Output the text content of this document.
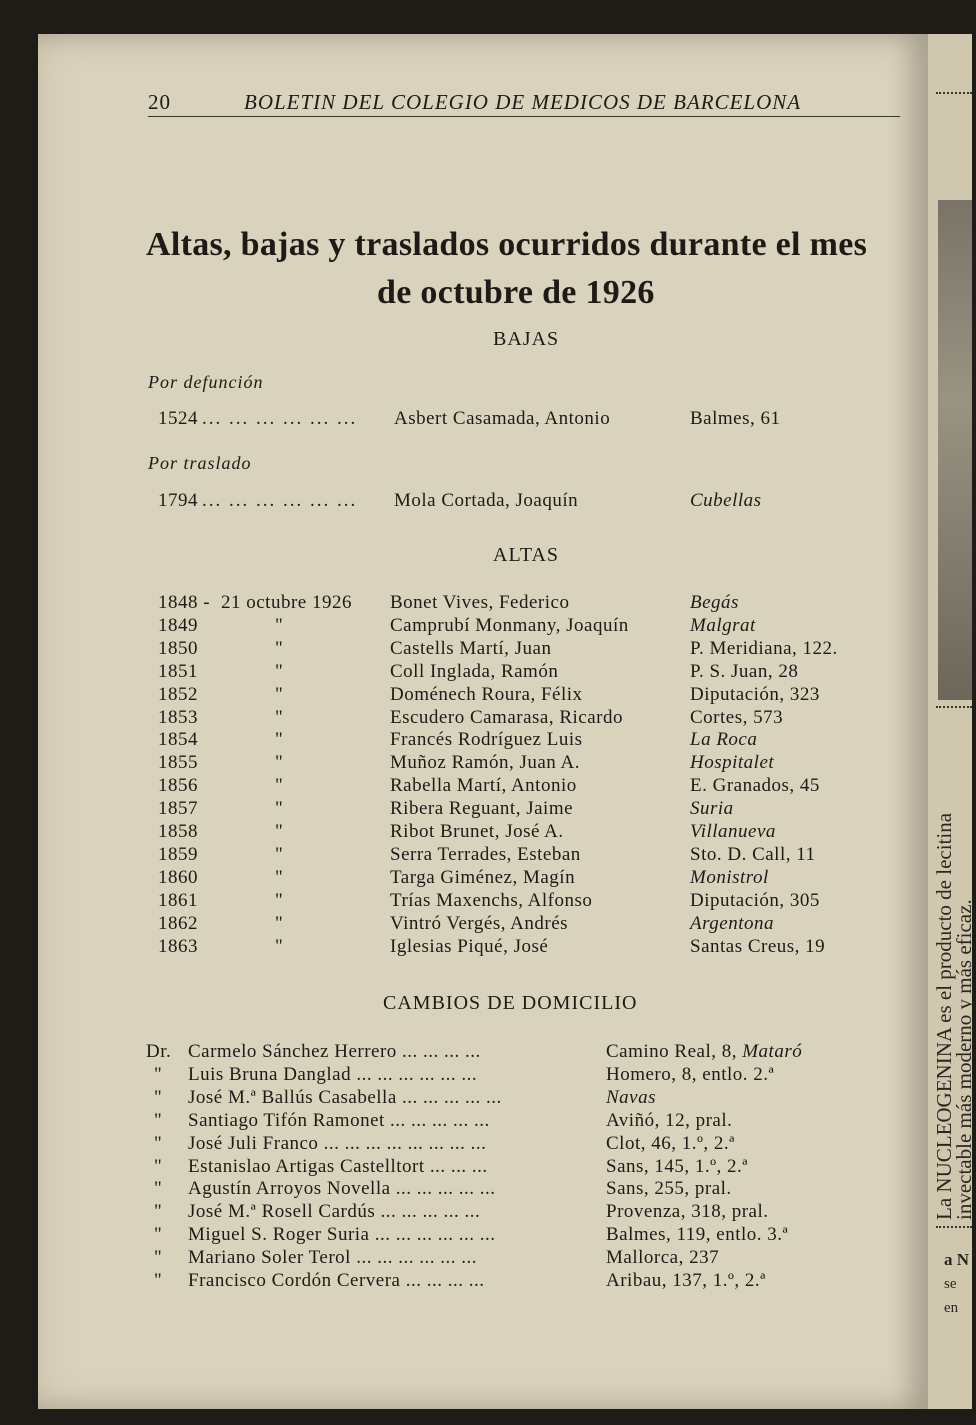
La NUCLEOGENINA es el producto de lecitina
invectable más moderno y más eficaz.
a N
se
en
20	BOLETIN DEL COLEGIO DE MEDICOS DE BARCELONA
Altas, bajas y traslados ocurridos durante el mes
de octubre de 1926
BAJAS
Por defunción
1524 ... ... ... ... ... ... Asbert Casamada, Antonio	Balmes, 61
Por traslado
1794 ... ... ... ... ... ... Mola Cortada, Joaquín	Cubellas
ALTAS
1848 - 21 octubre 1926 Bonet Vives, Federico	Begás
1849	"	Camprubí Monmany, Joaquín	Malgrat
1850	"	Castells Martí, Juan	P. Meridiana, 122.
1851	"	Coll Inglada, Ramón	P. S. Juan, 28
1852	"	Doménech Roura, Félix	Diputación, 323
1853	"	Escudero Camarasa, Ricardo	Cortes, 573
1854	"	Francés Rodríguez Luis	La Roca
1855	"	Muñoz Ramón, Juan A.	Hospitalet
1856	"	Rabella Martí, Antonio	E. Granados, 45
1857	"	Ribera Reguant, Jaime	Suria
1858	"	Ribot Brunet, José A.	Villanueva
1859	"	Serra Terrades, Esteban	Sto. D. Call, 11
1860	"	Targa Giménez, Magín	Monistrol
1861	"	Trías Maxenchs, Alfonso	Diputación, 305
1862	"	Vintró Vergés, Andrés	Argentona
1863	"	Iglesias Piqué, José	Santas Creus, 19
CAMBIOS DE DOMICILIO
Dr. Carmelo Sánchez Herrero ... ... ... ...	Camino Real, 8, Mataró
" Luis Bruna Danglad ... ... ... ... ... ...	Homero, 8, entlo. 2.ª
" José M.ª Ballús Casabella ... ... ... ... ...	Navas
" Santiago Tifón Ramonet ... ... ... ... ...	Aviñó, 12, pral.
" José Juli Franco ... ... ... ... ... ... ... ...	Clot, 46, 1.º, 2.ª
" Estanislao Artigas Castelltort ... ... ...	Sans, 145, 1.º, 2.ª
" Agustín Arroyos Novella ... ... ... ... ...	Sans, 255, pral.
" José M.ª Rosell Cardús ... ... ... ... ...	Provenza, 318, pral.
" Miguel S. Roger Suria ... ... ... ... ... ...	Balmes, 119, entlo. 3.ª
" Mariano Soler Terol ... ... ... ... ... ...	Mallorca, 237
" Francisco Cordón Cervera ... ... ... ...	Aribau, 137, 1.º, 2.ª
